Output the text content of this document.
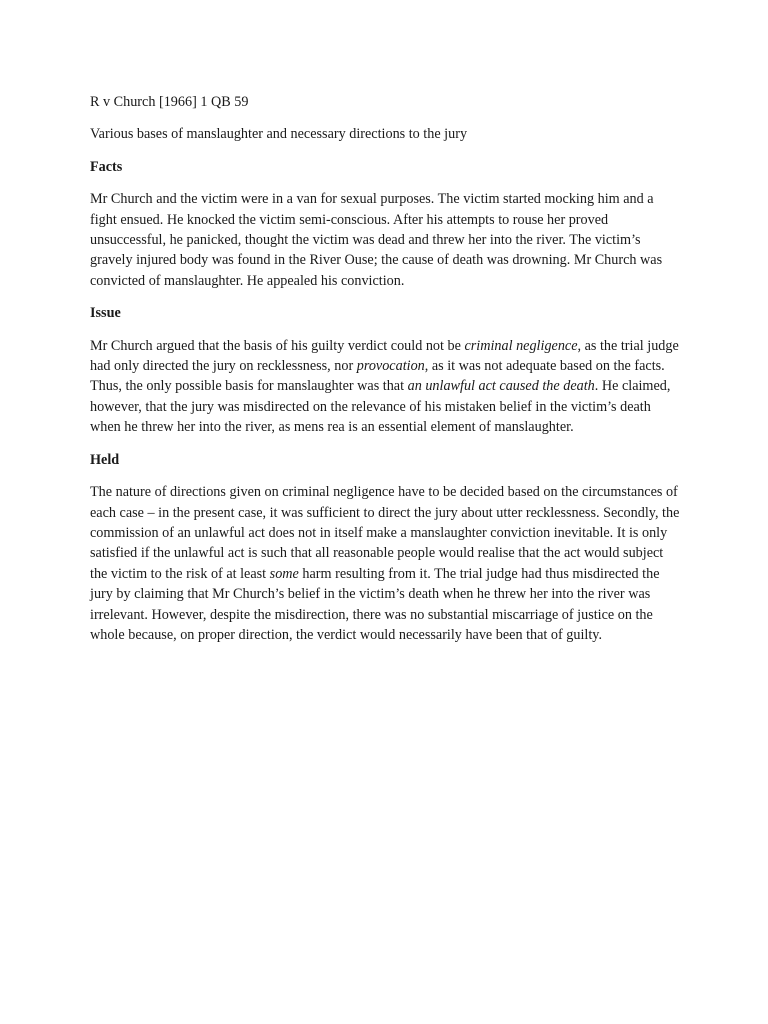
R v Church [1966] 1 QB 59

Various bases of manslaughter and necessary directions to the jury

Facts

Mr Church and the victim were in a van for sexual purposes. The victim started mocking him and a fight ensued. He knocked the victim semi-conscious. After his attempts to rouse her proved unsuccessful, he panicked, thought the victim was dead and threw her into the river. The victim’s gravely injured body was found in the River Ouse; the cause of death was drowning. Mr Church was convicted of manslaughter. He appealed his conviction.

Issue

Mr Church argued that the basis of his guilty verdict could not be criminal negligence, as the trial judge had only directed the jury on recklessness, nor provocation, as it was not adequate based on the facts. Thus, the only possible basis for manslaughter was that an unlawful act caused the death. He claimed, however, that the jury was misdirected on the relevance of his mistaken belief in the victim’s death when he threw her into the river, as mens rea is an essential element of manslaughter.

Held

The nature of directions given on criminal negligence have to be decided based on the circumstances of each case – in the present case, it was sufficient to direct the jury about utter recklessness. Secondly, the commission of an unlawful act does not in itself make a manslaughter conviction inevitable. It is only satisfied if the unlawful act is such that all reasonable people would realise that the act would subject the victim to the risk of at least some harm resulting from it. The trial judge had thus misdirected the jury by claiming that Mr Church’s belief in the victim’s death when he threw her into the river was irrelevant. However, despite the misdirection, there was no substantial miscarriage of justice on the whole because, on proper direction, the verdict would necessarily have been that of guilty.
